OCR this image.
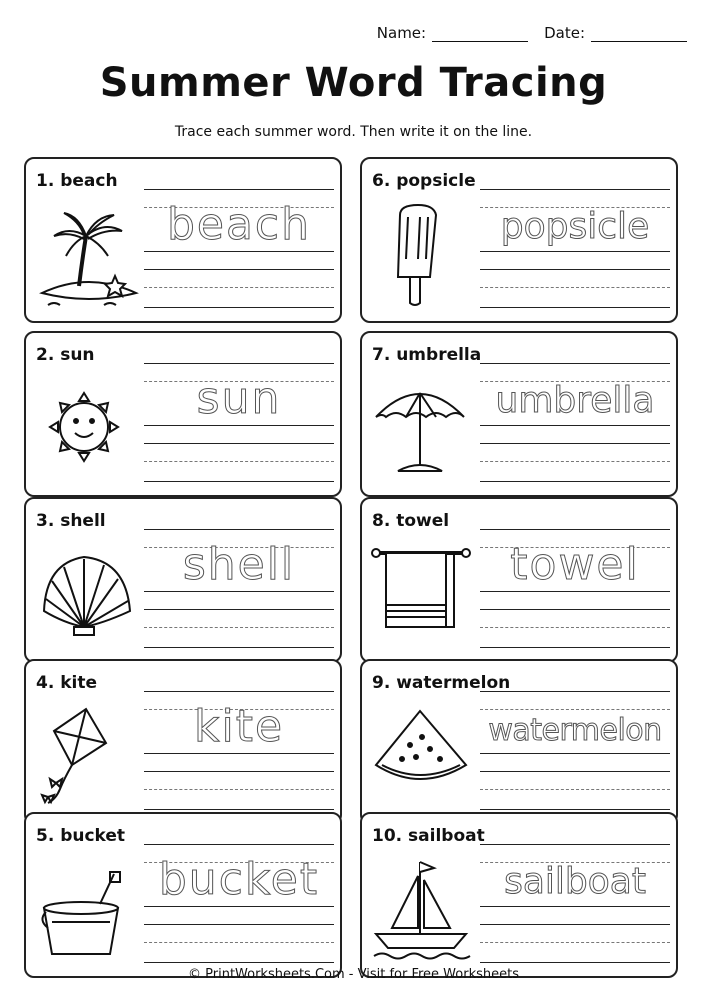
Name:	Date:
Summer Word Tracing
Trace each summer word. Then write it on the line.
1. beach
beach
2. sun
sun
3. shell
shell
4. kite
kite
5. bucket
bucket
6. popsicle
popsicle
7. umbrella
umbrella
8. towel
towel
9. watermelon
watermelon
10. sailboat
sailboat
© PrintWorksheets.Com - Visit for Free Worksheets
